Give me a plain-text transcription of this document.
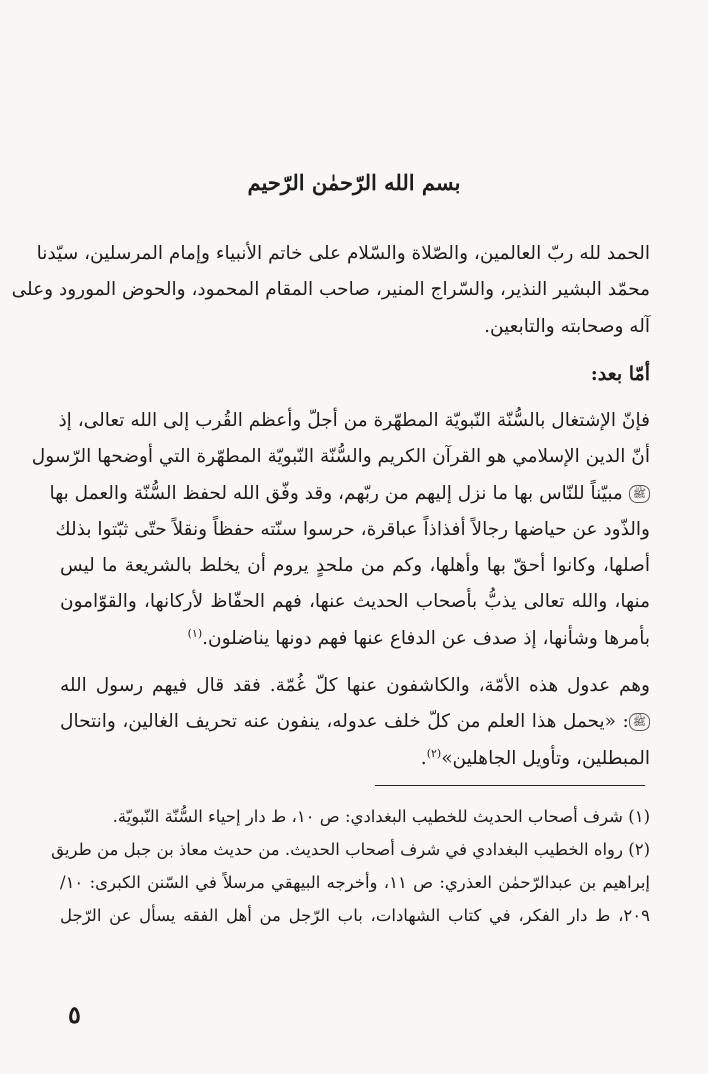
بسم الله الرّحمٰن الرّحيم
الحمد لله ربّ العالمين، والصّلاة والسّلام على خاتم الأنبياء وإمام المرسلين، سيّدنا
محمّد البشير النذير، والسّراج المنير، صاحب المقام المحمود، والحوض المورود وعلى
آله وصحابته والتابعين.
أمّا بعد:
فإنّ الإشتغال بالسُّنّة النّبويّة المطهّرة من أجلّ وأعظم القُرب إلى الله تعالى، إذ
أنّ الدين الإسلامي هو القرآن الكريم والسُّنّة النّبويّة المطهّرة التي أوضحها الرّسول
ﷺ مبيّناً للنّاس بها ما نزل إليهم من ربّهم، وقد وفّق الله لحفظ السُّنّة والعمل بها
والذّود عن حياضها رجالاً أفذاذاً عباقرة، حرسوا سنّته حفظاً ونقلاً حتّى ثبّتوا بذلك
أصلها، وكانوا أحقّ بها وأهلها، وكم من ملحدٍ يروم أن يخلط بالشريعة ما ليس
منها، والله تعالى يذبُّ بأصحاب الحديث عنها، فهم الحفّاظ لأركانها، والقوّامون
بأمرها وشأنها، إذ صدف عن الدفاع عنها فهم دونها يناضلون.$^{(١)}$
وهم عدول هذه الأمّة، والكاشفون عنها كلّ غُمّة. فقد قال فيهم رسول الله
ﷺ: «يحمل هذا العلم من كلّ خلف عدوله، ينفون عنه تحريف الغالين، وانتحال
المبطلين، وتأويل الجاهلين»$^{(٢)}$.
(١) شرف أصحاب الحديث للخطيب البغدادي: ص ١٠، ط دار إحياء السُّنّة النّبويّة.
(٢) رواه الخطيب البغدادي في شرف أصحاب الحديث. من حديث معاذ بن جبل من طريق
إبراهيم بن عبدالرّحمٰن العذري: ص ١١، وأخرجه البيهقي مرسلاً في السّنن الكبرى: ١٠/
٢٠٩، ط دار الفكر، في كتاب الشهادات، باب الرّجل من أهل الفقه يسأل عن الرّجل
٥
